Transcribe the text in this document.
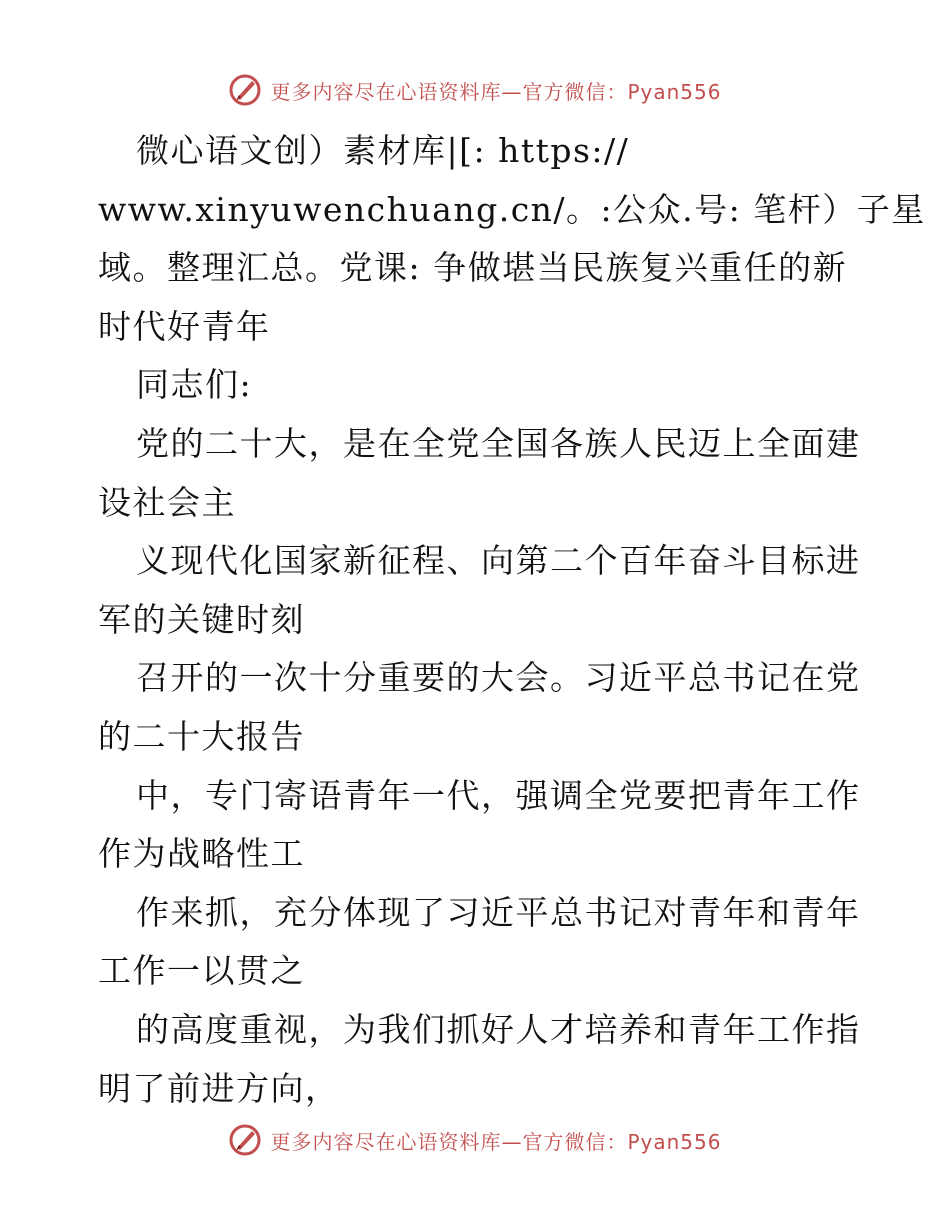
更多内容尽在心语资料库—官方微信：Pyan556
微心语文创）素材库|[: https://
www.xinyuwenchuang.cn/。:公众.号: 笔杆）子星
域。整理汇总。党课: 争做堪当民族复兴重任的新
时代好青年
同志们:
党的二十大，是在全党全国各族人民迈上全面建
设社会主
义现代化国家新征程、向第二个百年奋斗目标进
军的关键时刻
召开的一次十分重要的大会。习近平总书记在党
的二十大报告
中，专门寄语青年一代，强调全党要把青年工作
作为战略性工
作来抓，充分体现了习近平总书记对青年和青年
工作一以贯之
的高度重视，为我们抓好人才培养和青年工作指
明了前进方向，
更多内容尽在心语资料库—官方微信：Pyan556
